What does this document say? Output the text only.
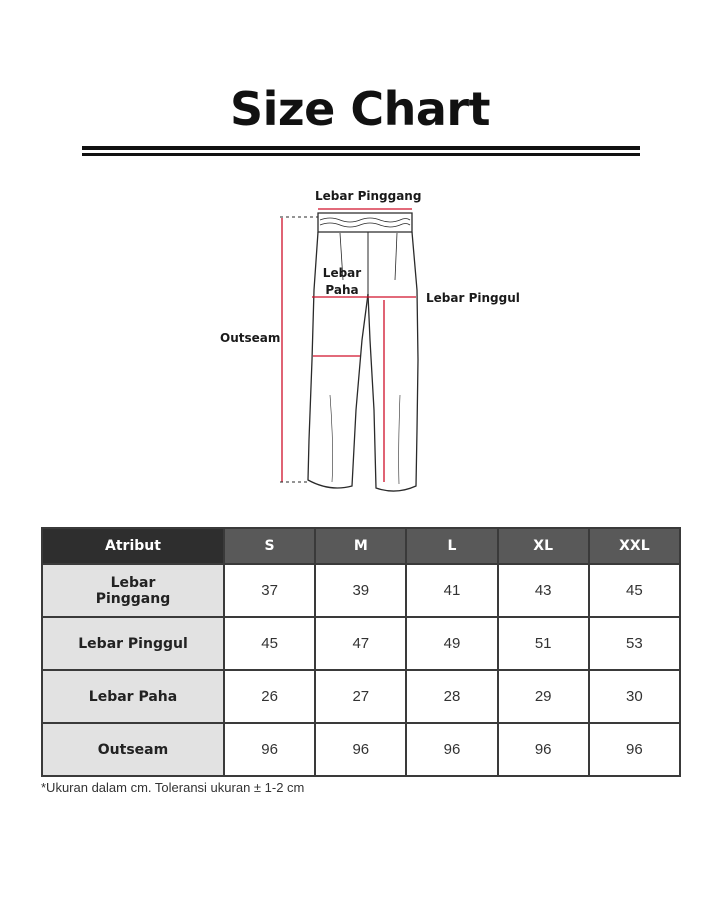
Size Chart
Lebar Pinggang
Lebar
Paha
Lebar Pinggul
Outseam
Atribut	S	M	L	XL	XXL
Lebar
Pinggang	37	39	41	43	45
Lebar Pinggul	45	47	49	51	53
Lebar Paha	26	27	28	29	30
Outseam	96	96	96	96	96
*Ukuran dalam cm. Toleransi ukuran ± 1-2 cm
